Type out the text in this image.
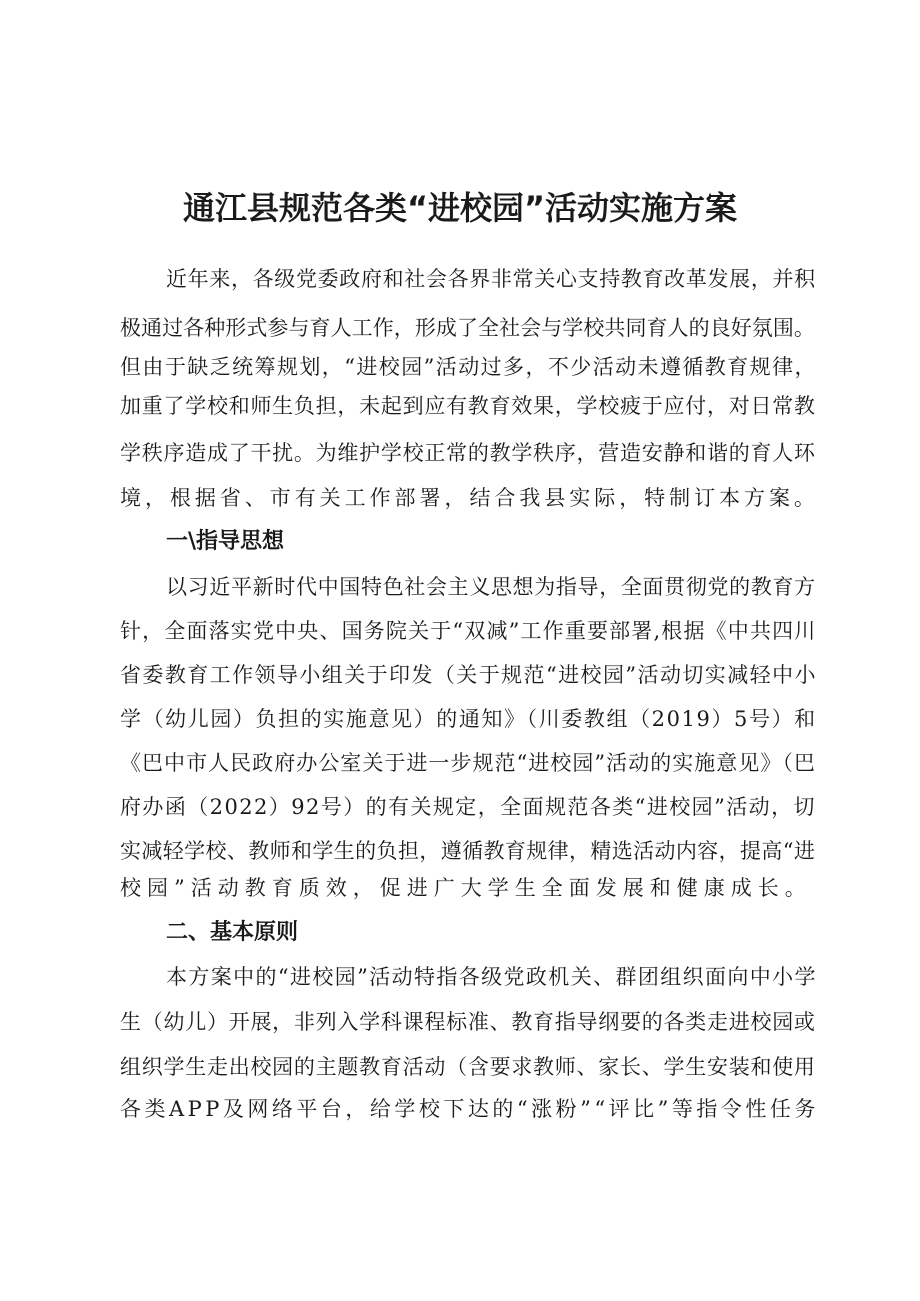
通江县规范各类“进校园”活动实施方案
近年来，各级党委政府和社会各界非常关心支持教育改革发展，并积
极通过各种形式参与育人工作，形成了全社会与学校共同育人的良好氛围。
但由于缺乏统筹规划，“进校园”活动过多，不少活动未遵循教育规律，
加重了学校和师生负担，未起到应有教育效果，学校疲于应付，对日常教
学秩序造成了干扰。为维护学校正常的教学秩序，营造安静和谐的育人环
境，根据省、市有关工作部署，结合我县实际，特制订本方案。
一\指导思想
以习近平新时代中国特色社会主义思想为指导，全面贯彻党的教育方
针，全面落实党中央、国务院关于“双减”工作重要部署,根据《中共四川
省委教育工作领导小组关于印发（关于规范“进校园”活动切实减轻中小
学（幼儿园）负担的实施意见）的通知》（川委教组（2019）5号）和
《巴中市人民政府办公室关于进一步规范“进校园”活动的实施意见》（巴
府办函（2022）92号）的有关规定，全面规范各类“进校园”活动，切
实减轻学校、教师和学生的负担，遵循教育规律，精选活动内容，提高“进
校园”活动教育质效，促进广大学生全面发展和健康成长。
二、基本原则
本方案中的“进校园”活动特指各级党政机关、群团组织面向中小学
生（幼儿）开展，非列入学科课程标准、教育指导纲要的各类走进校园或
组织学生走出校园的主题教育活动（含要求教师、家长、学生安装和使用
各类APP及网络平台，给学校下达的“涨粉”“评比”等指令性任务
